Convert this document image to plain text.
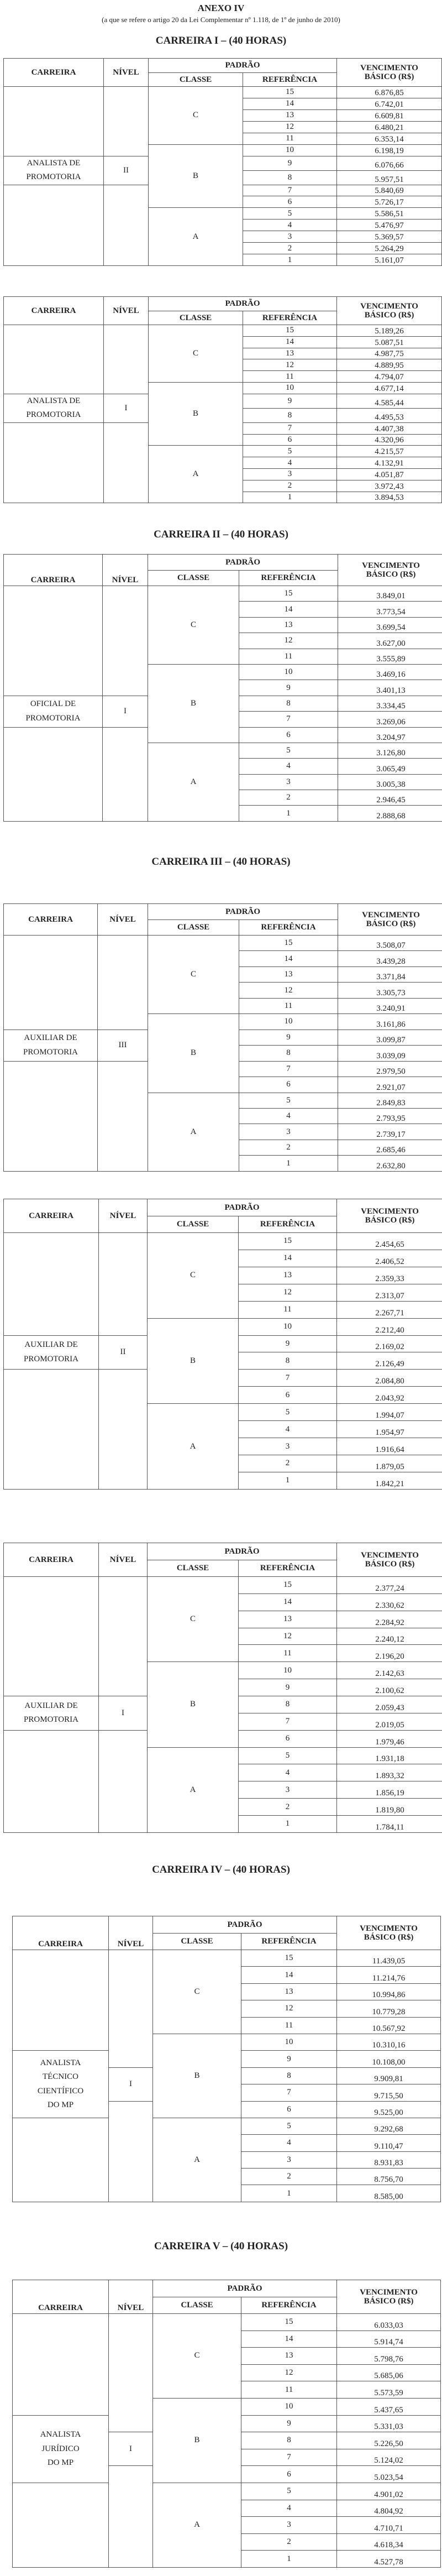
ANEXO IV
(a que se refere o artigo 20 da Lei Complementar nº 1.118, de 1º de junho de 2010)
CARREIRA I – (40 HORAS)
CARREIRA II – (40 HORAS)
CARREIRA III – (40 HORAS)
CARREIRA IV – (40 HORAS)
CARREIRA V – (40 HORAS)
CARREIRA	NÍVEL	PADRÃO		VENCIMENTO
BÁSICO (R$)

		CLASSE	REFERÊNCIA	
		C	15	6.876,85
			14	6.742,01
			13	6.609,81
			12	6.480,21
			11	6.353,14
		B	10	6.198,19
ANALISTA DE
PROMOTORIA	II		9	6.076,66
			8	5.957,51
			7	5.840,69
			6	5.726,17
		A	5	5.586,51
			4	5.476,97
			3	5.369,57
			2	5.264,29
			1	5.161,07
CARREIRA	NÍVEL	PADRÃO		VENCIMENTO
BÁSICO (R$)

		CLASSE	REFERÊNCIA	
		C	15	5.189,26
			14	5.087,51
			13	4.987,75
			12	4.889,95
			11	4.794,07
		B	10	4.677,14
ANALISTA DE
PROMOTORIA	I		9	4.585,44
			8	4.495,53
			7	4.407,38
			6	4.320,96
		A	5	4.215,57
			4	4.132,91
			3	4.051,87
			2	3.972,43
			1	3.894,53
CARREIRA	NÍVEL	PADRÃO		VENCIMENTO
BÁSICO (R$)

		CLASSE	REFERÊNCIA	
		C	15	3.849,01
			14	3.773,54
			13	3.699,54
			12	3.627,00
			11	3.555,89
		B	10	3.469,16
			9	3.401,13
OFICIAL DE
PROMOTORIA	I		8	3.334,45
			7	3.269,06
			6	3.204,97
		A	5	3.126,80
			4	3.065,49
			3	3.005,38
			2	2.946,45
			1	2.888,68
CARREIRA	NÍVEL	PADRÃO		VENCIMENTO
BÁSICO (R$)

		CLASSE	REFERÊNCIA	
		C	15	3.508,07
			14	3.439,28
			13	3.371,84
			12	3.305,73
			11	3.240,91
		B	10	3.161,86
AUXILIAR DE
PROMOTORIA	III		9	3.099,87
			8	3.039,09
			7	2.979,50
			6	2.921,07
		A	5	2.849,83
			4	2.793,95
			3	2.739,17
			2	2.685,46
			1	2.632,80
CARREIRA	NÍVEL	PADRÃO		VENCIMENTO
BÁSICO (R$)

		CLASSE	REFERÊNCIA	
		C	15	2.454,65
			14	2.406,52
			13	2.359,33
			12	2.313,07
			11	2.267,71
		B	10	2.212,40
AUXILIAR DE
PROMOTORIA	II		9	2.169,02
			8	2.126,49
			7	2.084,80
			6	2.043,92
		A	5	1.994,07
			4	1.954,97
			3	1.916,64
			2	1.879,05
			1	1.842,21
CARREIRA	NÍVEL	PADRÃO		VENCIMENTO
BÁSICO (R$)

		CLASSE	REFERÊNCIA	
		C	15	2.377,24
			14	2.330,62
			13	2.284,92
			12	2.240,12
			11	2.196,20
		B	10	2.142,63
			9	2.100,62
AUXILIAR DE
PROMOTORIA	I		8	2.059,43
			7	2.019,05
			6	1.979,46
		A	5	1.931,18
			4	1.893,32
			3	1.856,19
			2	1.819,80
			1	1.784,11
CARREIRA	NÍVEL	PADRÃO		VENCIMENTO
BÁSICO (R$)

		CLASSE	REFERÊNCIA	
		C	15	11.439,05
			14	11.214,76
			13	10.994,86
			12	10.779,28
			11	10.567,92
		B	10	10.310,16
ANALISTA
TÉCNICO
CIENTÍFICO
DO MP			9	10.108,00
	I		8	9.909,81
			7	9.715,50
			6	9.525,00
		A	5	9.292,68
			4	9.110,47
			3	8.931,83
			2	8.756,70
			1	8.585,00
CARREIRA	NÍVEL	PADRÃO		VENCIMENTO
BÁSICO (R$)

		CLASSE	REFERÊNCIA	
		C	15	6.033,03
			14	5.914,74
			13	5.798,76
			12	5.685,06
			11	5.573,59
		B	10	5.437,65
ANALISTA
JURÍDICO
DO MP			9	5.331,03
	I		8	5.226,50
			7	5.124,02
			6	5.023,54
		A	5	4.901,02
			4	4.804,92
			3	4.710,71
			2	4.618,34
			1	4.527,78
